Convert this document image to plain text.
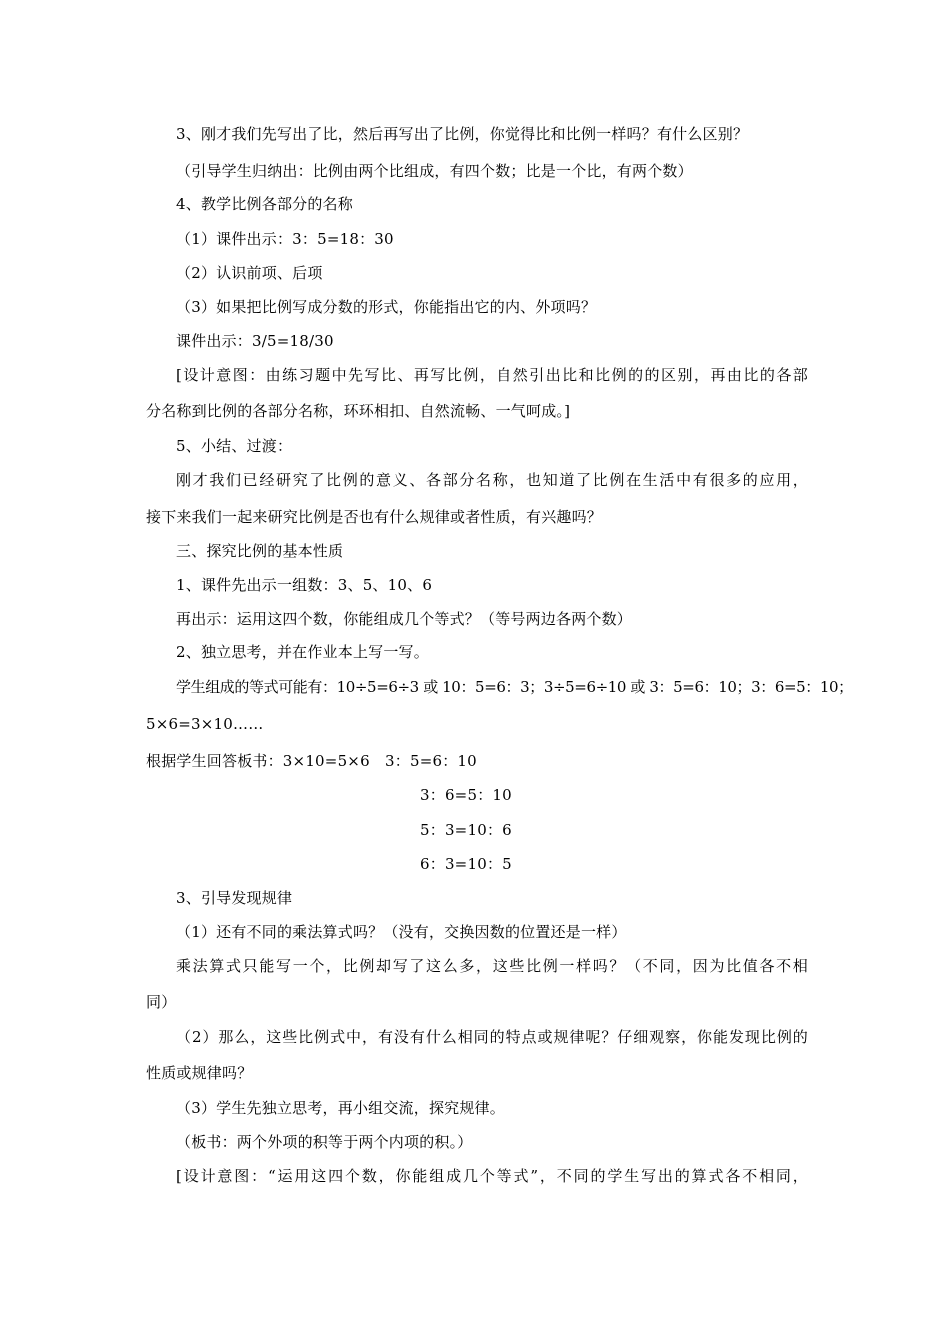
3、刚才我们先写出了比，然后再写出了比例，你觉得比和比例一样吗？有什么区别？
（引导学生归纳出：比例由两个比组成，有四个数；比是一个比，有两个数）
4、教学比例各部分的名称
（1）课件出示：3：5=18：30
（2）认识前项、后项
（3）如果把比例写成分数的形式，你能指出它的内、外项吗？
课件出示：3/5=18/30
[设计意图：由练习题中先写比、再写比例，自然引出比和比例的的区别，再由比的各部
分名称到比例的各部分名称，环环相扣、自然流畅、一气呵成。]
5、小结、过渡：
刚才我们已经研究了比例的意义、各部分名称，也知道了比例在生活中有很多的应用，
接下来我们一起来研究比例是否也有什么规律或者性质，有兴趣吗？
三、探究比例的基本性质
1、课件先出示一组数：3、5、10、6
再出示：运用这四个数，你能组成几个等式？（等号两边各两个数）
2、独立思考，并在作业本上写一写。
学生组成的等式可能有：10÷5=6÷3 或 10：5=6：3；3÷5=6÷10 或 3：5=6：10；3：6=5：10；
5×6=3×10……
根据学生回答板书：3×10=5×6　3：5=6：10
3：6=5：10
5：3=10：6
6：3=10：5
3、引导发现规律
（1）还有不同的乘法算式吗？（没有，交换因数的位置还是一样）
乘法算式只能写一个，比例却写了这么多，这些比例一样吗？（不同，因为比值各不相
同）
（2）那么，这些比例式中，有没有什么相同的特点或规律呢？仔细观察，你能发现比例的
性质或规律吗？
（3）学生先独立思考，再小组交流，探究规律。
（板书：两个外项的积等于两个内项的积。）
[设计意图：“运用这四个数，你能组成几个等式”，不同的学生写出的算式各不相同，
